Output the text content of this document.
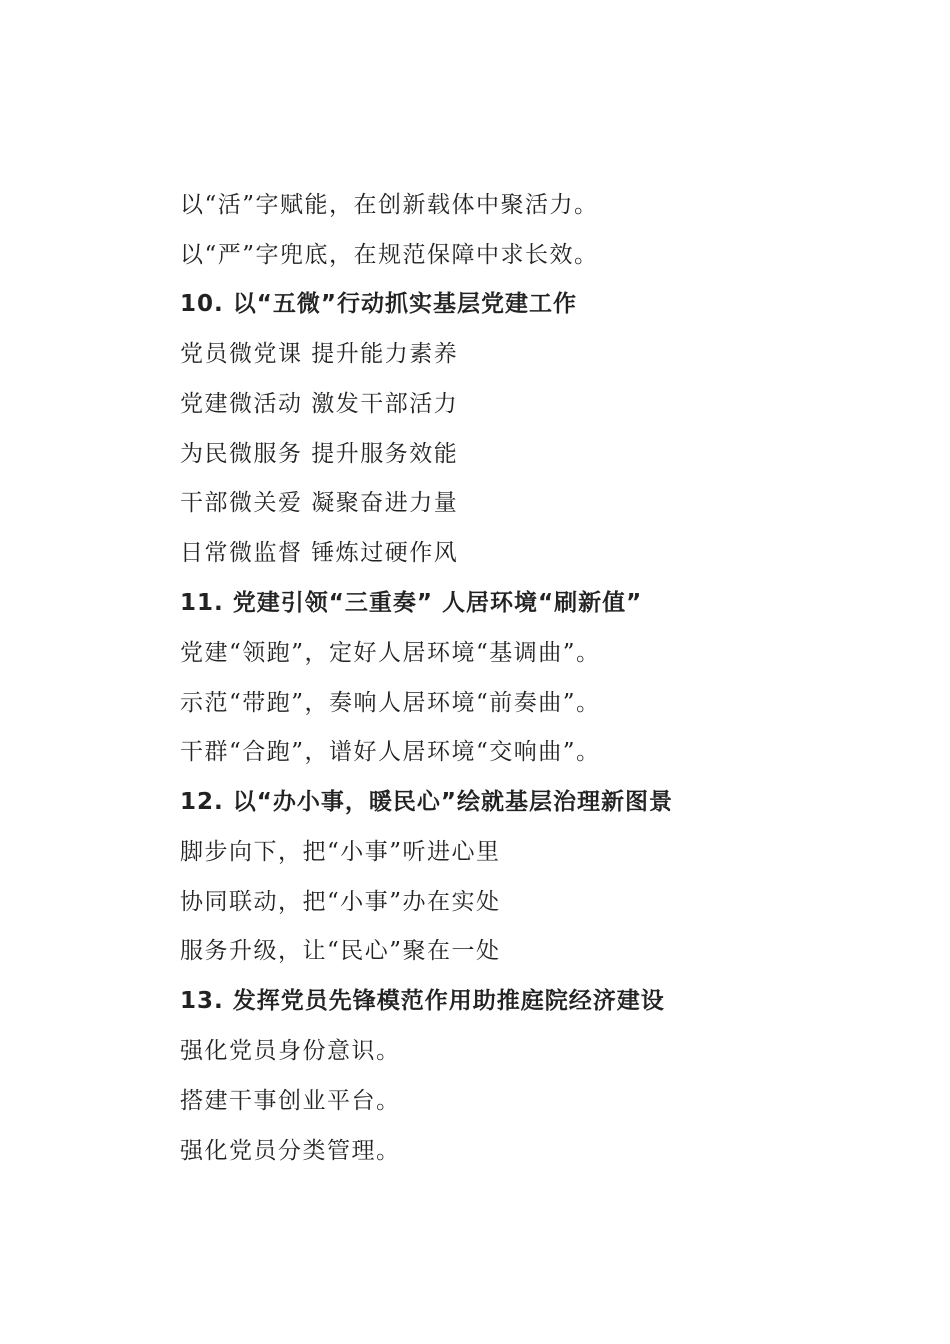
以“活”字赋能，在创新载体中聚活力。
以“严”字兜底，在规范保障中求长效。
10. 以“五微”行动抓实基层党建工作
党员微党课 提升能力素养
党建微活动 激发干部活力
为民微服务 提升服务效能
干部微关爱 凝聚奋进力量
日常微监督 锤炼过硬作风
11. 党建引领“三重奏” 人居环境“刷新值”
党建“领跑”，定好人居环境“基调曲”。
示范“带跑”，奏响人居环境“前奏曲”。
干群“合跑”，谱好人居环境“交响曲”。
12. 以“办小事，暖民心”绘就基层治理新图景
脚步向下，把“小事”听进心里
协同联动，把“小事”办在实处
服务升级，让“民心”聚在一处
13. 发挥党员先锋模范作用助推庭院经济建设
强化党员身份意识。
搭建干事创业平台。
强化党员分类管理。
